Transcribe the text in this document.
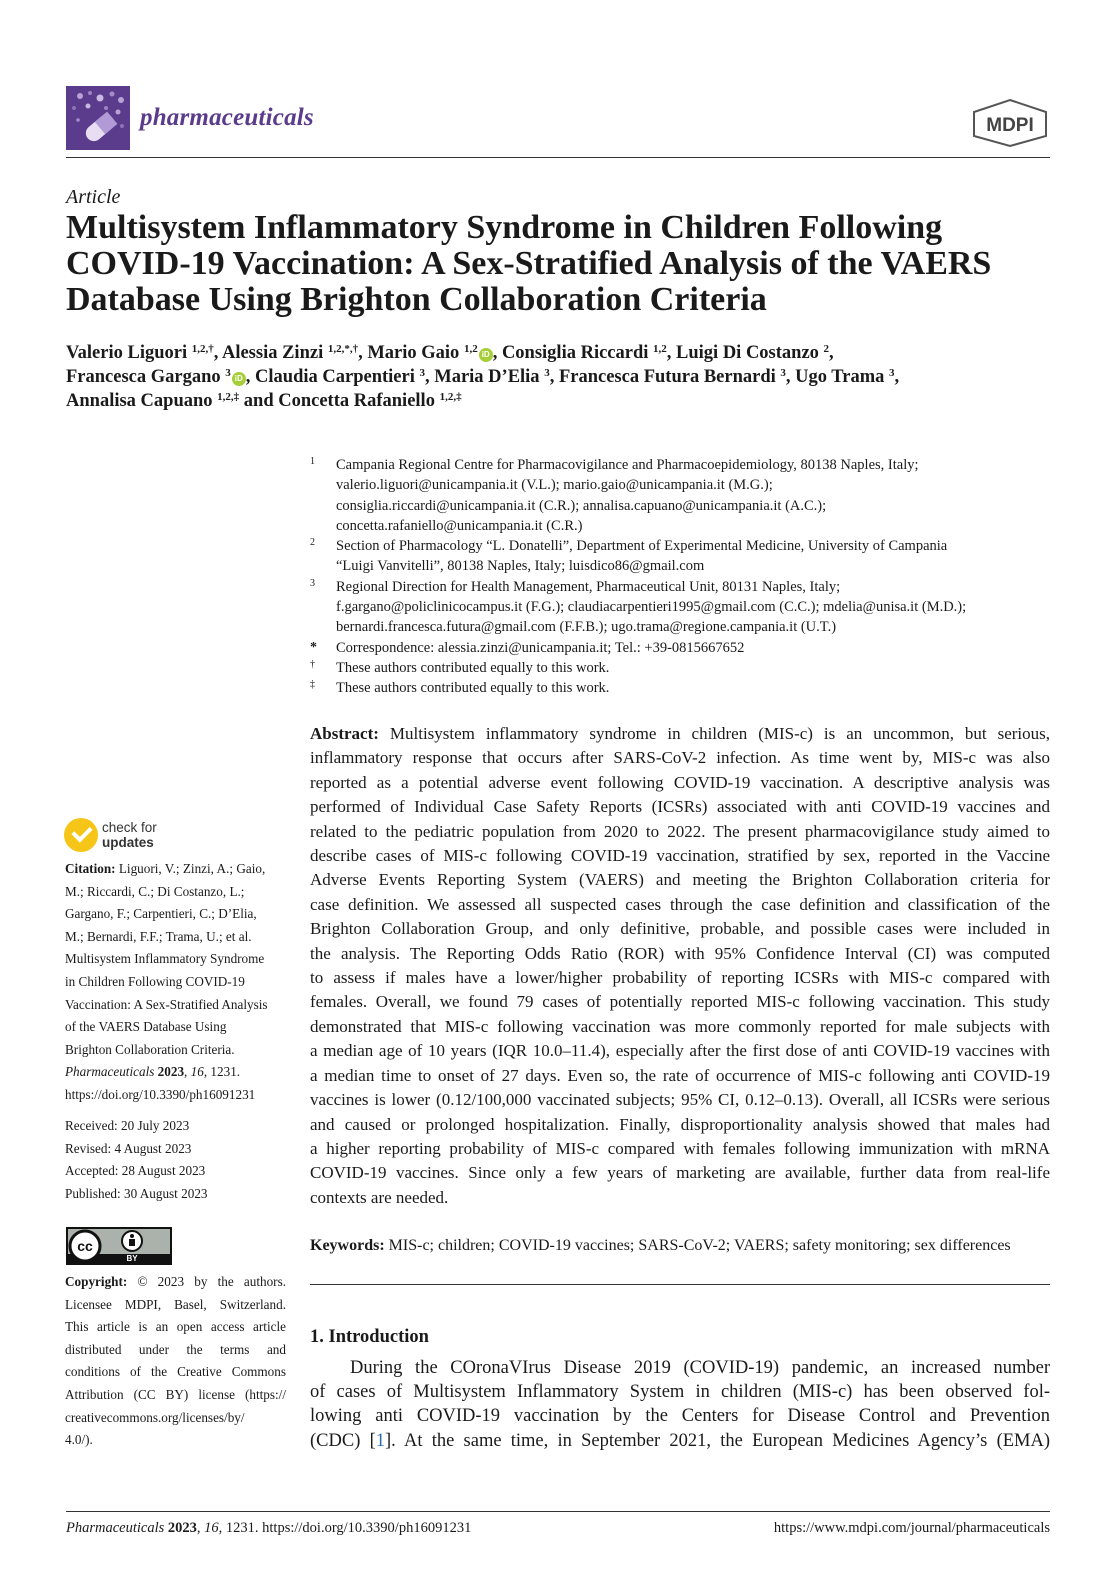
pharmaceuticals	MDPI
Article
Multisystem Inflammatory Syndrome in Children Following
COVID-19 Vaccination: A Sex-Stratified Analysis of the VAERS
Database Using Brighton Collaboration Criteria
Valerio Liguori $^{1,2,\dagger}$, Alessia Zinzi $^{1,2,*,\dagger}$, Mario Gaio $^{1,2}$ iD , Consiglia Riccardi $^{1,2}$, Luigi Di Costanzo $^2$,
Francesca Gargano $^3$ iD , Claudia Carpentieri $^3$, Maria D’Elia $^3$, Francesca Futura Bernardi $^3$, Ugo Trama $^3$,
Annalisa Capuano $^{1,2,\ddagger}$ and Concetta Rafaniello $^{1,2,\ddagger}$
1 Campania Regional Centre for Pharmacovigilance and Pharmacoepidemiology, 80138 Naples, Italy;
valerio.liguori@unicampania.it (V.L.); mario.gaio@unicampania.it (M.G.);
consiglia.riccardi@unicampania.it (C.R.); annalisa.capuano@unicampania.it (A.C.);
concetta.rafaniello@unicampania.it (C.R.)
2 Section of Pharmacology “L. Donatelli”, Department of Experimental Medicine, University of Campania
“Luigi Vanvitelli”, 80138 Naples, Italy; luisdico86@gmail.com
3 Regional Direction for Health Management, Pharmaceutical Unit, 80131 Naples, Italy;
f.gargano@policlinicocampus.it (F.G.); claudiacarpentieri1995@gmail.com (C.C.); mdelia@unisa.it (M.D.);
bernardi.francesca.futura@gmail.com (F.F.B.); ugo.trama@regione.campania.it (U.T.)
* Correspondence: alessia.zinzi@unicampania.it; Tel.: +39-0815667652
† These authors contributed equally to this work.
‡ These authors contributed equally to this work.
Abstract: Multisystem inflammatory syndrome in children (MIS-c) is an uncommon, but serious,
inflammatory response that occurs after SARS-CoV-2 infection. As time went by, MIS-c was also
reported as a potential adverse event following COVID-19 vaccination. A descriptive analysis was
performed of Individual Case Safety Reports (ICSRs) associated with anti COVID-19 vaccines and
related to the pediatric population from 2020 to 2022. The present pharmacovigilance study aimed to
describe cases of MIS-c following COVID-19 vaccination, stratified by sex, reported in the Vaccine
Adverse Events Reporting System (VAERS) and meeting the Brighton Collaboration criteria for
case definition. We assessed all suspected cases through the case definition and classification of the
Brighton Collaboration Group, and only definitive, probable, and possible cases were included in
the analysis. The Reporting Odds Ratio (ROR) with 95% Confidence Interval (CI) was computed
to assess if males have a lower/higher probability of reporting ICSRs with MIS-c compared with
females. Overall, we found 79 cases of potentially reported MIS-c following vaccination. This study
demonstrated that MIS-c following vaccination was more commonly reported for male subjects with
a median age of 10 years (IQR 10.0–11.4), especially after the first dose of anti COVID-19 vaccines with
a median time to onset of 27 days. Even so, the rate of occurrence of MIS-c following anti COVID-19
vaccines is lower (0.12/100,000 vaccinated subjects; 95% CI, 0.12–0.13). Overall, all ICSRs were serious
and caused or prolonged hospitalization. Finally, disproportionality analysis showed that males had
a higher reporting probability of MIS-c compared with females following immunization with mRNA
COVID-19 vaccines. Since only a few years of marketing are available, further data from real-life
contexts are needed.
Keywords: MIS-c; children; COVID-19 vaccines; SARS-CoV-2; VAERS; safety monitoring; sex differences
1. Introduction
During the COronaVIrus Disease 2019 (COVID-19) pandemic, an increased number
of cases of Multisystem Inflammatory System in children (MIS-c) has been observed fol-
lowing anti COVID-19 vaccination by the Centers for Disease Control and Prevention
(CDC) [1]. At the same time, in September 2021, the European Medicines Agency’s (EMA)
check for
updates
Citation: Liguori, V.; Zinzi, A.; Gaio,
M.; Riccardi, C.; Di Costanzo, L.;
Gargano, F.; Carpentieri, C.; D’Elia,
M.; Bernardi, F.F.; Trama, U.; et al.
Multisystem Inflammatory Syndrome
in Children Following COVID-19
Vaccination: A Sex-Stratified Analysis
of the VAERS Database Using
Brighton Collaboration Criteria.
Pharmaceuticals 2023, 16, 1231.
https://doi.org/10.3390/ph16091231
Received: 20 July 2023
Revised: 4 August 2023
Accepted: 28 August 2023
Published: 30 August 2023
cc
BY
Copyright: © 2023 by the authors.
Licensee MDPI, Basel, Switzerland.
This article is an open access article
distributed under the terms and
conditions of the Creative Commons
Attribution (CC BY) license (https://
creativecommons.org/licenses/by/
4.0/).
Pharmaceuticals 2023, 16, 1231. https://doi.org/10.3390/ph16091231	https://www.mdpi.com/journal/pharmaceuticals
